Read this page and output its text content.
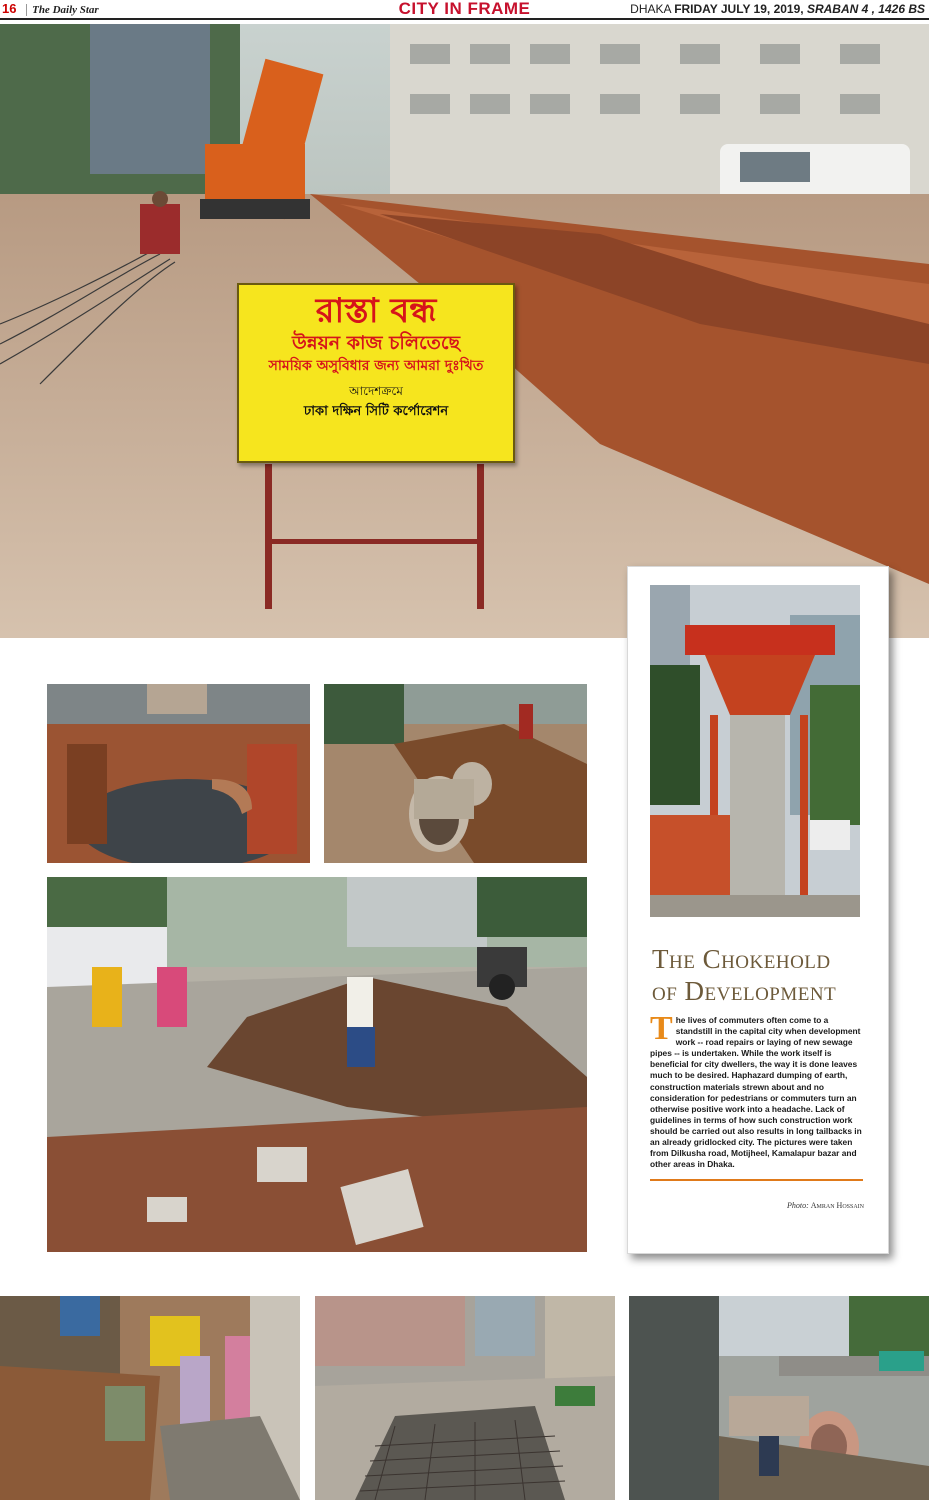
16 The Daily Star	CITY IN FRAME	DHAKA FRIDAY JULY 19, 2019, SRABAN 4 , 1426 BS
রাস্তা বন্ধ
উন্নয়ন কাজ চলিতেছে
সাময়িক অসুবিধার জন্য আমরা দুঃখিত
আদেশক্রমে
ঢাকা দক্ষিন সিটি কর্পোরেশন
The Chokehold
of Development
The lives of commuters often come to a standstill in the capital city when development work -- road repairs or laying of new sewage pipes -- is undertaken. While the work itself is beneficial for city dwellers, the way it is done leaves much to be desired. Haphazard dumping of earth, construction materials strewn about and no consideration for pedestrians or commuters turn an otherwise positive work into a headache. Lack of guidelines in terms of how such construction work should be carried out also results in long tailbacks in an already gridlocked city. The pictures were taken from Dilkusha road, Motijheel, Kamalapur bazar and other areas in Dhaka.
Photo: Amran Hossain
